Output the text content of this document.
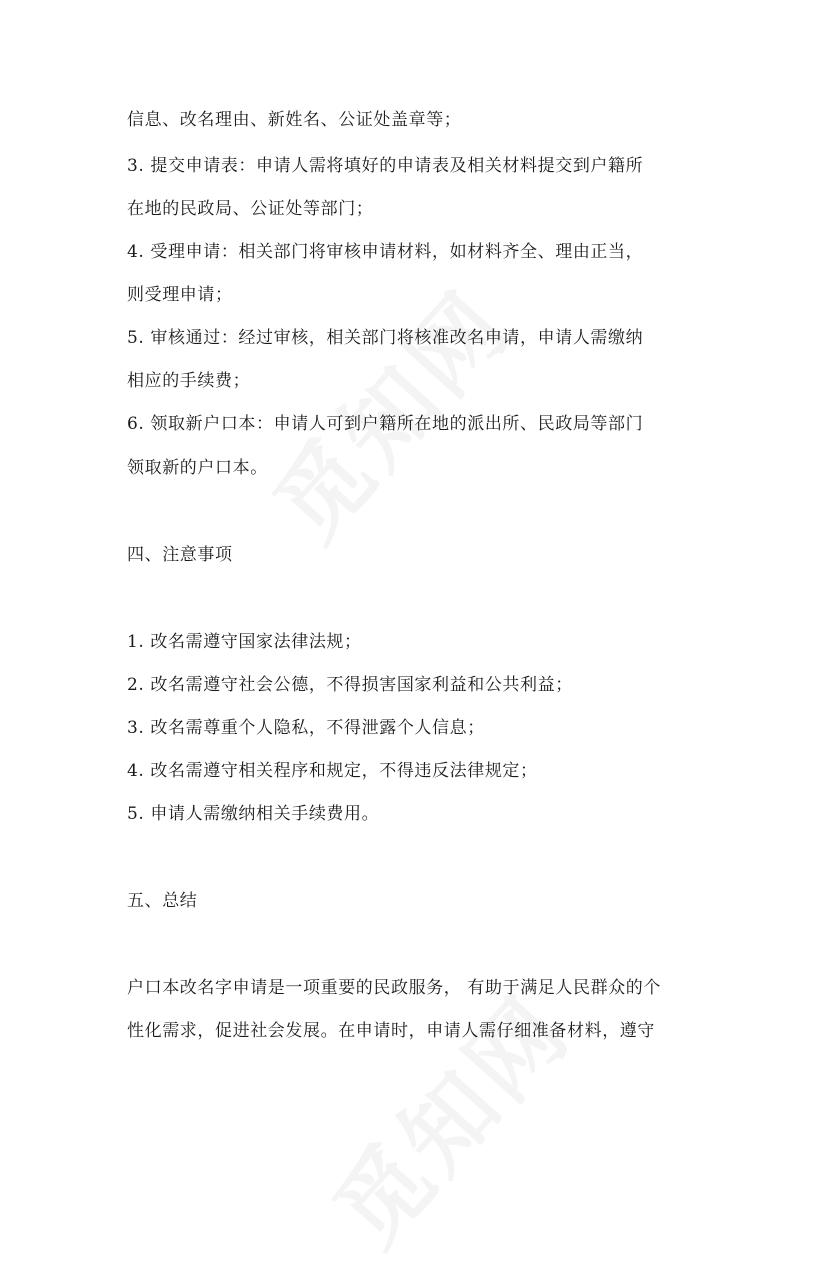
信息、改名理由、新姓名、公证处盖章等；
3. 提交申请表：申请人需将填好的申请表及相关材料提交到户籍所
在地的民政局、公证处等部门；
4. 受理申请：相关部门将审核申请材料，如材料齐全、理由正当，
则受理申请；
5. 审核通过：经过审核，相关部门将核准改名申请，申请人需缴纳
相应的手续费；
6. 领取新户口本：申请人可到户籍所在地的派出所、民政局等部门
领取新的户口本。
四、注意事项
1. 改名需遵守国家法律法规；
2. 改名需遵守社会公德，不得损害国家利益和公共利益；
3. 改名需尊重个人隐私，不得泄露个人信息；
4. 改名需遵守相关程序和规定，不得违反法律规定；
5. 申请人需缴纳相关手续费用。
五、总结
户口本改名字申请是一项重要的民政服务， 有助于满足人民群众的个
性化需求，促进社会发展。在申请时，申请人需仔细准备材料，遵守
